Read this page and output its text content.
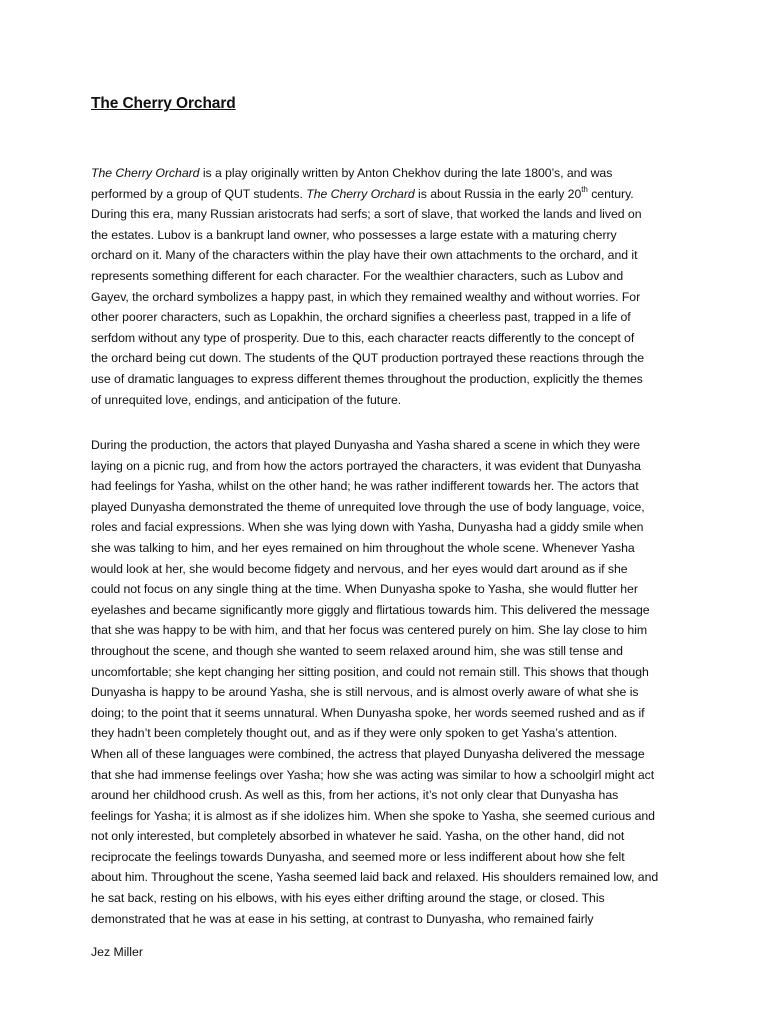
The Cherry Orchard

The Cherry Orchard is a play originally written by Anton Chekhov during the late 1800’s, and was
performed by a group of QUT students. The Cherry Orchard is about Russia in the early 20th century.
During this era, many Russian aristocrats had serfs; a sort of slave, that worked the lands and lived on
the estates. Lubov is a bankrupt land owner, who possesses a large estate with a maturing cherry
orchard on it. Many of the characters within the play have their own attachments to the orchard, and it
represents something different for each character. For the wealthier characters, such as Lubov and
Gayev, the orchard symbolizes a happy past, in which they remained wealthy and without worries. For
other poorer characters, such as Lopakhin, the orchard signifies a cheerless past, trapped in a life of
serfdom without any type of prosperity. Due to this, each character reacts differently to the concept of
the orchard being cut down. The students of the QUT production portrayed these reactions through the
use of dramatic languages to express different themes throughout the production, explicitly the themes
of unrequited love, endings, and anticipation of the future.

During the production, the actors that played Dunyasha and Yasha shared a scene in which they were
laying on a picnic rug, and from how the actors portrayed the characters, it was evident that Dunyasha
had feelings for Yasha, whilst on the other hand; he was rather indifferent towards her. The actors that
played Dunyasha demonstrated the theme of unrequited love through the use of body language, voice,
roles and facial expressions. When she was lying down with Yasha, Dunyasha had a giddy smile when
she was talking to him, and her eyes remained on him throughout the whole scene. Whenever Yasha
would look at her, she would become fidgety and nervous, and her eyes would dart around as if she
could not focus on any single thing at the time. When Dunyasha spoke to Yasha, she would flutter her
eyelashes and became significantly more giggly and flirtatious towards him. This delivered the message
that she was happy to be with him, and that her focus was centered purely on him. She lay close to him
throughout the scene, and though she wanted to seem relaxed around him, she was still tense and
uncomfortable; she kept changing her sitting position, and could not remain still. This shows that though
Dunyasha is happy to be around Yasha, she is still nervous, and is almost overly aware of what she is
doing; to the point that it seems unnatural. When Dunyasha spoke, her words seemed rushed and as if
they hadn’t been completely thought out, and as if they were only spoken to get Yasha’s attention.
When all of these languages were combined, the actress that played Dunyasha delivered the message
that she had immense feelings over Yasha; how she was acting was similar to how a schoolgirl might act
around her childhood crush. As well as this, from her actions, it’s not only clear that Dunyasha has
feelings for Yasha; it is almost as if she idolizes him. When she spoke to Yasha, she seemed curious and
not only interested, but completely absorbed in whatever he said. Yasha, on the other hand, did not
reciprocate the feelings towards Dunyasha, and seemed more or less indifferent about how she felt
about him. Throughout the scene, Yasha seemed laid back and relaxed. His shoulders remained low, and
he sat back, resting on his elbows, with his eyes either drifting around the stage, or closed. This
demonstrated that he was at ease in his setting, at contrast to Dunyasha, who remained fairly

Jez Miller
